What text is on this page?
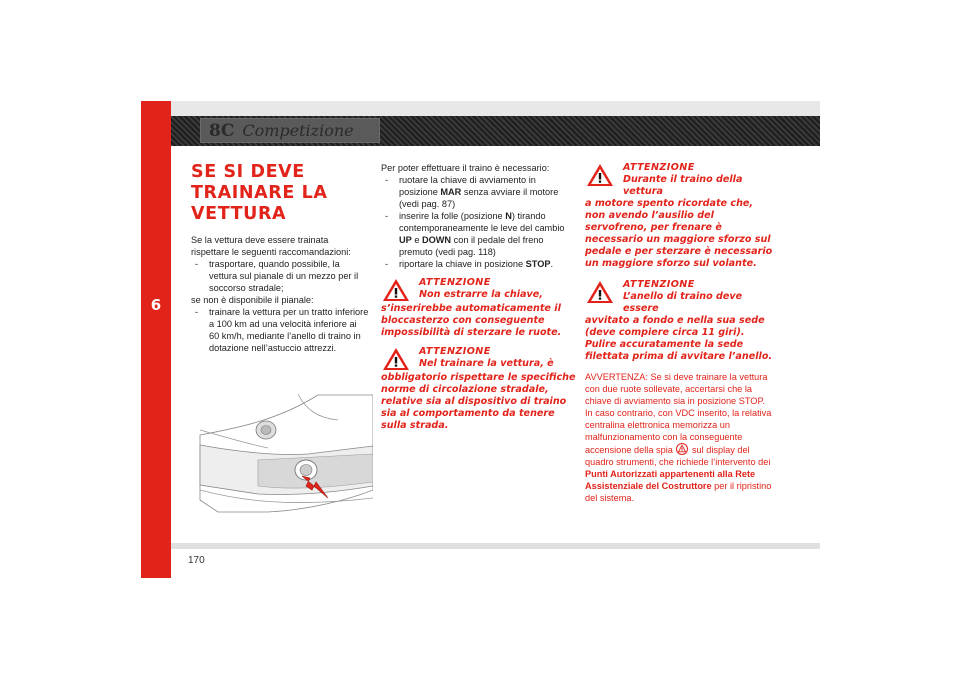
6
8C Competizione
SE SI DEVE TRAINARE LA VETTURA

Se la vettura deve essere trainata rispettare le seguenti raccomandazioni:

- trasportare, quando possibile, la vettura sul pianale di un mezzo per il soccorso stradale;

se non è disponibile il pianale:

- trainare la vettura per un tratto inferiore a 100 km ad una velocità inferiore ai 60 km/h, mediante l’anello di traino in dotazione nell’astuccio attrezzi.

Per poter effettuare il traino è necessario:

- ruotare la chiave di avviamento in posizione MAR senza avviare il motore (vedi pag. 87)
- inserire la folle (posizione N) tirando contemporaneamente le leve del cambio UP e DOWN con il pedale del freno premuto (vedi pag. 118)
- riportare la chiave in posizione STOP.
ATTENZIONE
Non estrarre la chiave,
s’inserirebbe automaticamente il bloccasterzo con conseguente impossibilità di sterzare le ruote.
ATTENZIONE
Nel trainare la vettura, è
obbligatorio rispettare le specifiche norme di circolazione stradale, relative sia al dispositivo di traino sia al comportamento da tenere sulla strada.
ATTENZIONE
Durante il traino della vettura
a motore spento ricordate che, non avendo l’ausilio del servofreno, per frenare è necessario un maggiore sforzo sul pedale e per sterzare è necessario un maggiore sforzo sul volante.
ATTENZIONE
L’anello di traino deve essere
avvitato a fondo e nella sua sede (deve compiere circa 11 giri). Pulire accuratamente la sede filettata prima di avvitare l’anello.

AVVERTENZA: Se si deve trainare la vettura con due ruote sollevate, accertarsi che la chiave di avviamento sia in posizione STOP. In caso contrario, con VDC inserito, la relativa centralina elettronica memorizza un malfunzionamento con la conseguente accensione della spia  sul display del quadro strumenti, che richiede l’intervento dei Punti Autorizzati appartenenti alla Rete Assistenziale del Costruttore per il ripristino del sistema.

170
